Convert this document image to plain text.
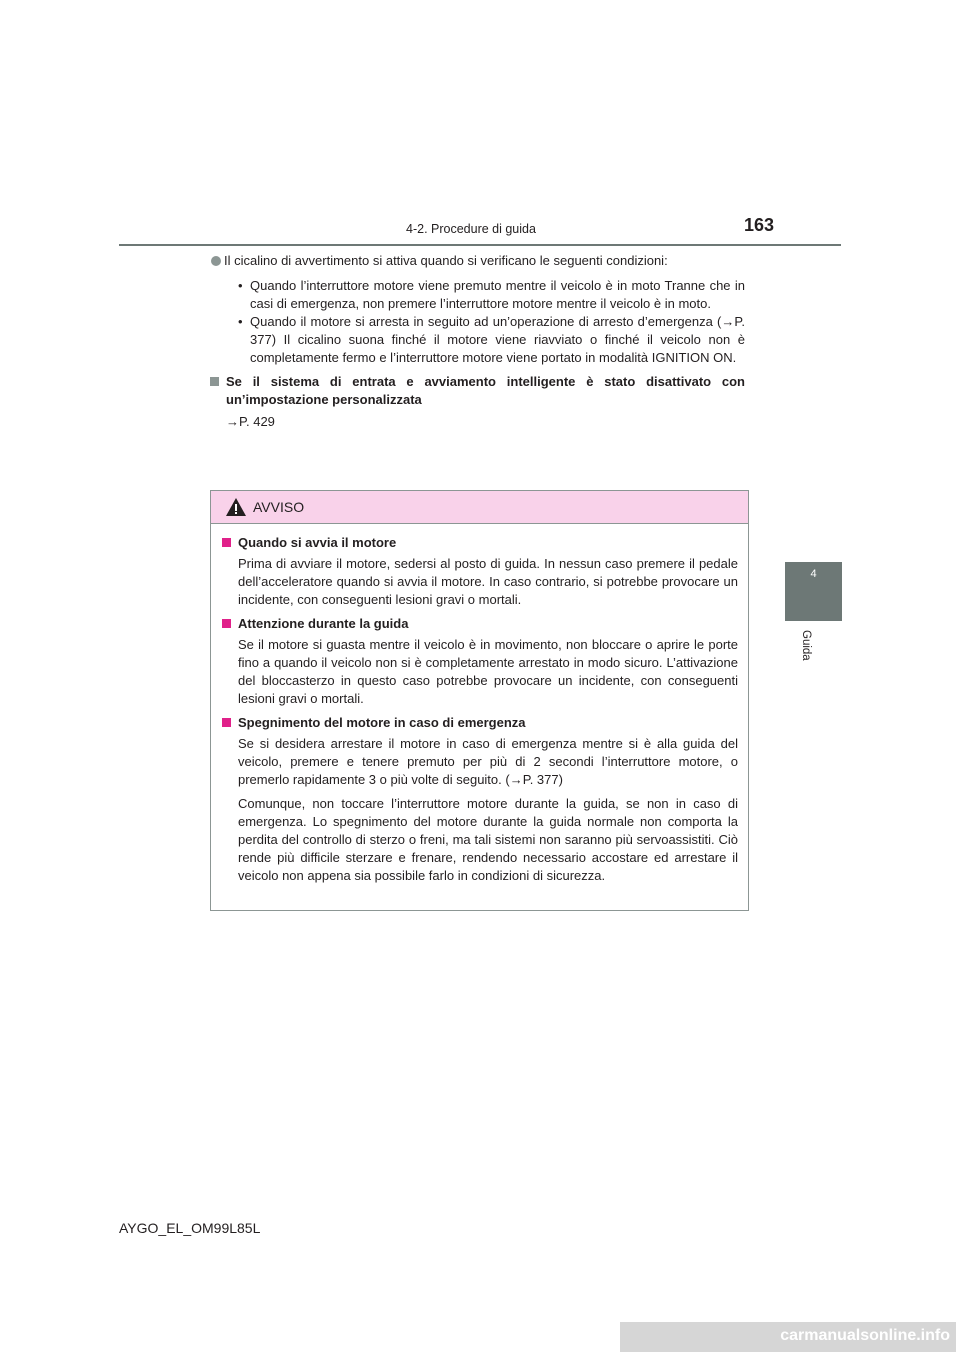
4-2. Procedure di guida	163
4
Guida

Il cicalino di avvertimento si attiva quando si verificano le seguenti condizioni:

• Quando l’interruttore motore viene premuto mentre il veicolo è in moto Tranne che in casi di emergenza, non premere l’interruttore motore mentre il veicolo è in moto.

• Quando il motore si arresta in seguito ad un’operazione di arresto d’emergenza (→P. 377) Il cicalino suona finché il motore viene riavviato o finché il veicolo non è completamente fermo e l’interruttore motore viene portato in modalità IGNITION ON.

Se il sistema di entrata e avviamento intelligente è stato disattivato con un’impostazione personalizzata

→P. 429

AVVISO
Quando si avvia il motore

Prima di avviare il motore, sedersi al posto di guida. In nessun caso premere il pedale dell’acceleratore quando si avvia il motore. In caso contrario, si potrebbe provocare un incidente, con conseguenti lesioni gravi o mortali.

Attenzione durante la guida

Se il motore si guasta mentre il veicolo è in movimento, non bloccare o aprire le porte fino a quando il veicolo non si è completamente arrestato in modo sicuro. L’attivazione del bloccasterzo in questo caso potrebbe provocare un incidente, con conseguenti lesioni gravi o mortali.

Spegnimento del motore in caso di emergenza

Se si desidera arrestare il motore in caso di emergenza mentre si è alla guida del veicolo, premere e tenere premuto per più di 2 secondi l’interruttore motore, o premerlo rapidamente 3 o più volte di seguito. (→P. 377)

Comunque, non toccare l’interruttore motore durante la guida, se non in caso di emergenza. Lo spegnimento del motore durante la guida normale non comporta la perdita del controllo di sterzo o freni, ma tali sistemi non saranno più servoassistiti. Ciò rende più difficile sterzare e frenare, rendendo necessario accostare ed arrestare il veicolo non appena sia possibile farlo in condizioni di sicurezza.

AYGO_EL_OM99L85L
carmanualsonline.info
